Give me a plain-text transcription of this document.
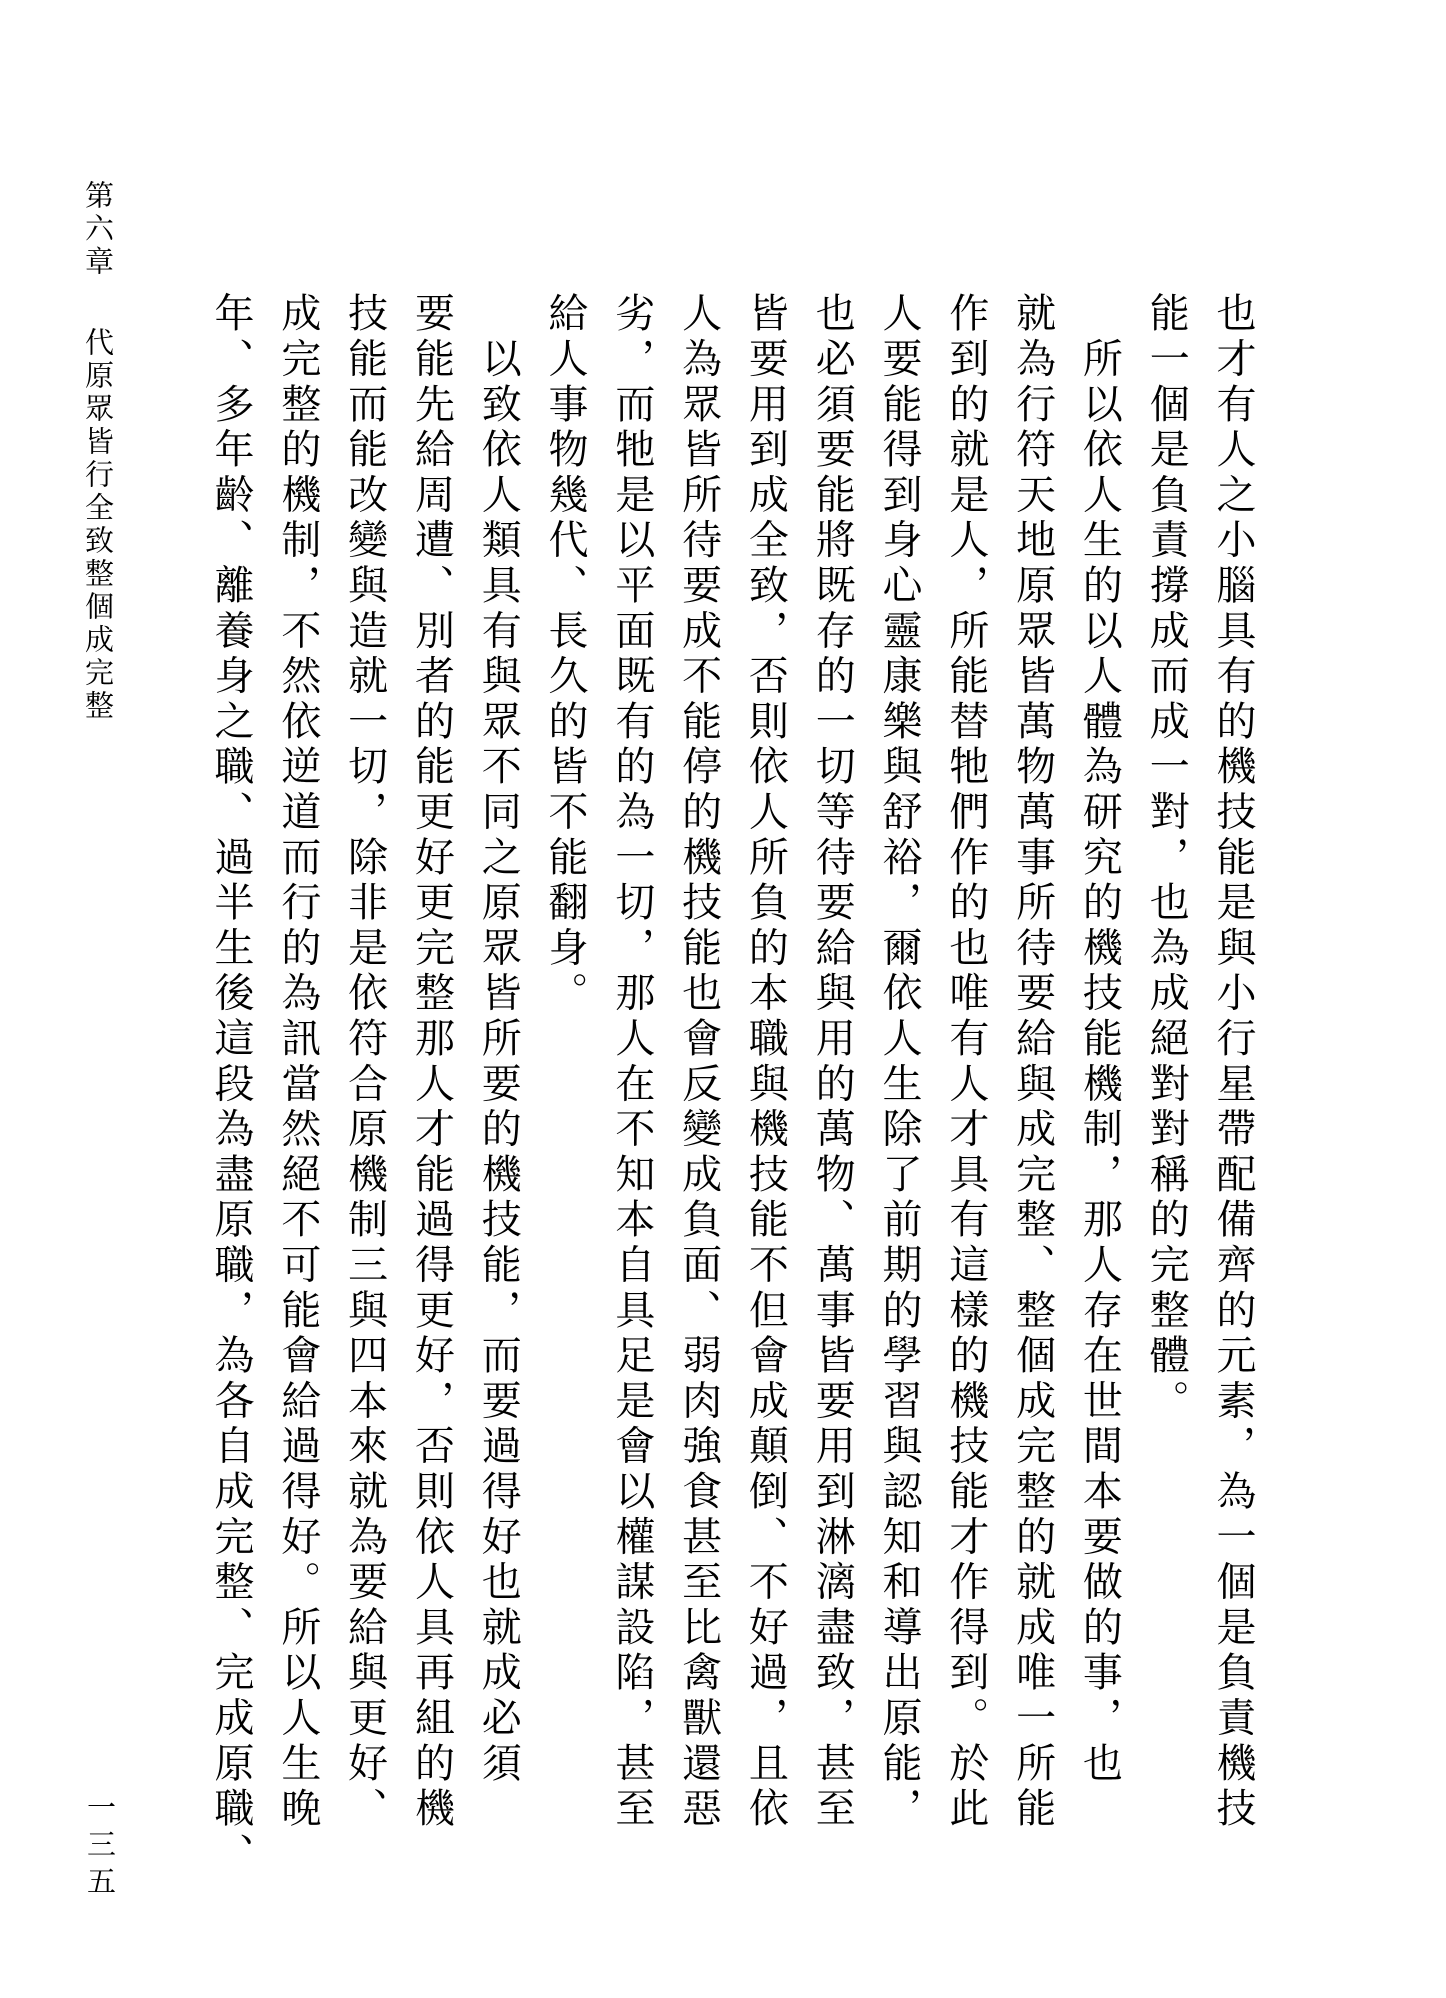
第六章代原眾皆行全致整個成完整	也才有人之小腦具有的機技能是與小行星帶配備齊的元素，為一個是負責機技

能一個是負責撐成而成一對，也為成絕對對稱的完整體。

　所以依人生的以人體為研究的機技能機制，那人存在世間本要做的事，也

就為行符天地原眾皆萬物萬事所待要給與成完整、整個成完整的就成唯一所能

作到的就是人，所能替牠們作的也唯有人才具有這樣的機技能才作得到。於此

人要能得到身心靈康樂與舒裕，爾依人生除了前期的學習與認知和導出原能，

也必須要能將既存的一切等待要給與用的萬物、萬事皆要用到淋漓盡致，甚至

皆要用到成全致，否則依人所負的本職與機技能不但會成顛倒、不好過，且依

人為眾皆所待要成不能停的機技能也會反變成負面、弱肉強食甚至比禽獸還惡

劣，而牠是以平面既有的為一切，那人在不知本自具足是會以權謀設陷，甚至

給人事物幾代、長久的皆不能翻身。

　以致依人類具有與眾不同之原眾皆所要的機技能，而要過得好也就成必須

要能先給周遭、別者的能更好更完整那人才能過得更好，否則依人具再組的機

技能而能改變與造就一切，除非是依符合原機制三與四本來就為要給與更好、

成完整的機制，不然依逆道而行的為訊當然絕不可能會給過得好。所以人生晚

年、多年齡、離養身之職、過半生後這段為盡原職，為各自成完整、完成原職、

一三五
